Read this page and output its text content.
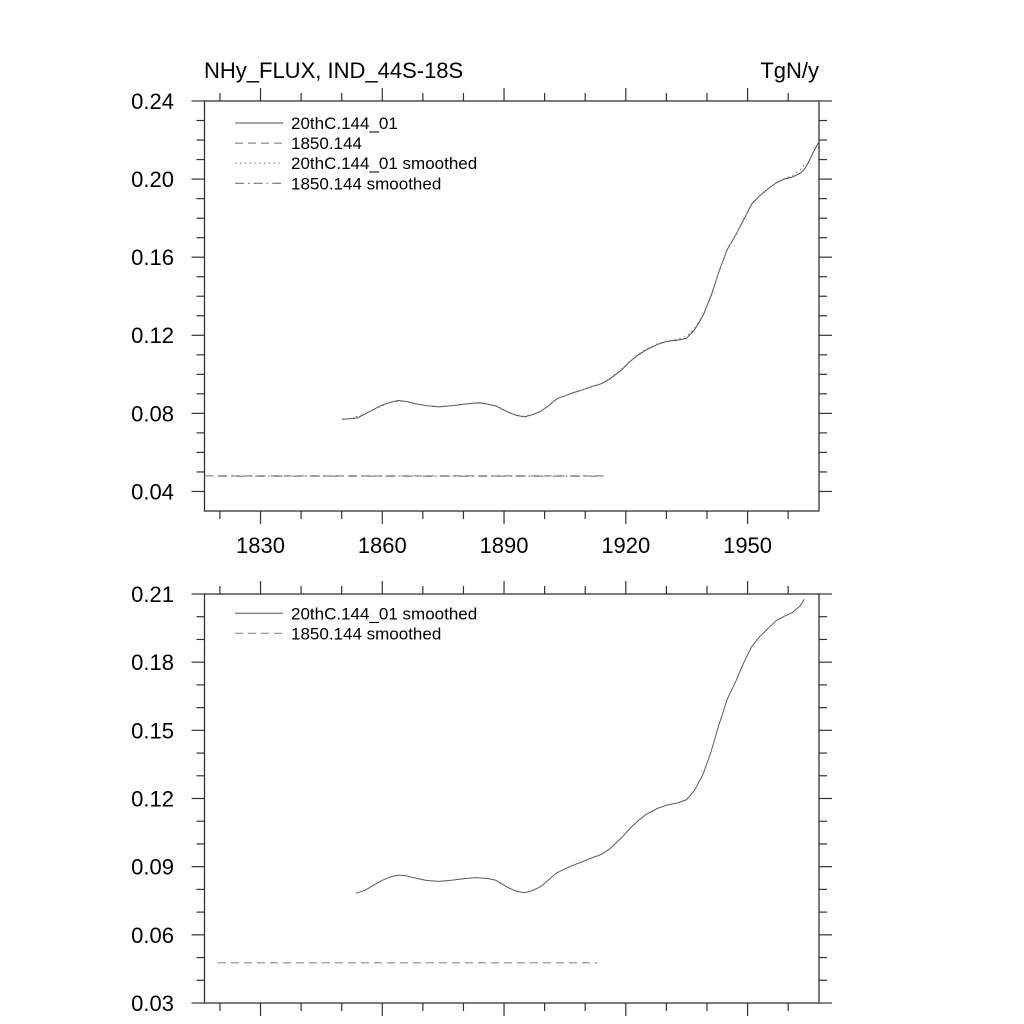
NHy_FLUX, IND_44S-18S	TgN/y
1830	1860	1890	1920	1950
0.04
0.08
0.12
0.16
0.20
0.24
20thC.144_01
1850.144
20thC.144_01 smoothed
1850.144 smoothed
0.03
0.06
0.09
0.12
0.15
0.18
0.21
20thC.144_01 smoothed
1850.144 smoothed
